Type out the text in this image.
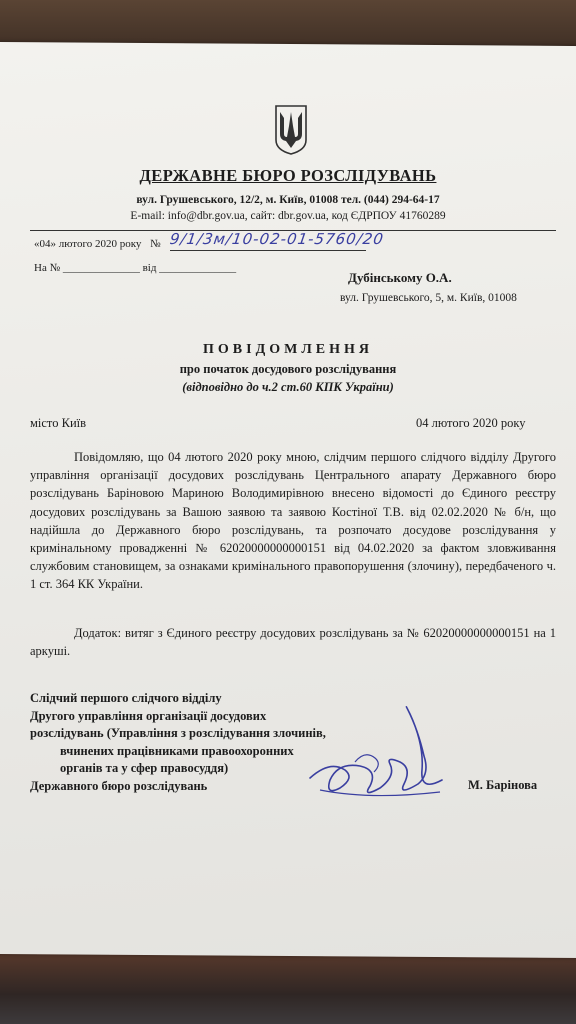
ДЕРЖАВНЕ БЮРО РОЗСЛІДУВАНЬ
вул. Грушевського, 12/2, м. Київ, 01008 тел. (044) 294-64-17
E-mail: info@dbr.gov.ua, сайт: dbr.gov.ua, код ЄДРПОУ 41760289
«04» лютого 2020 року № 9/1/3м/10-02-01-5760/20
На № ______________ від ______________
Дубінському О.А.
вул. Грушевського, 5, м. Київ, 01008
ПОВІДОМЛЕННЯ
про початок досудового розслідування
(відповідно до ч.2 ст.60 КПК України)
місто Київ	04 лютого 2020 року
Повідомляю, що 04 лютого 2020 року мною, слідчим першого слідчого відділу Другого управління організації досудових розслідувань Центрального апарату Державного бюро розслідувань Баріновою Мариною Володимирівною внесено відомості до Єдиного реєстру досудових розслідувань за Вашою заявою та заявою Костіної Т.В. від 02.02.2020 № б/н, що надійшла до Державного бюро розслідувань, та розпочато досудове розслідування у кримінальному провадженні № 62020000000000151 від 04.02.2020 за фактом зловживання службовим становищем, за ознаками кримінального правопорушення (злочину), передбаченого ч. 1 ст. 364 КК України.
Додаток: витяг з Єдиного реєстру досудових розслідувань за № 62020000000000151 на 1 аркуші.
Слідчий першого слідчого відділу
Другого управління організації досудових
розслідувань (Управління з розслідування злочинів,
вчинених працівниками правоохоронних
органів та у сфер правосуддя)
Державного бюро розслідувань	М. Барінова
